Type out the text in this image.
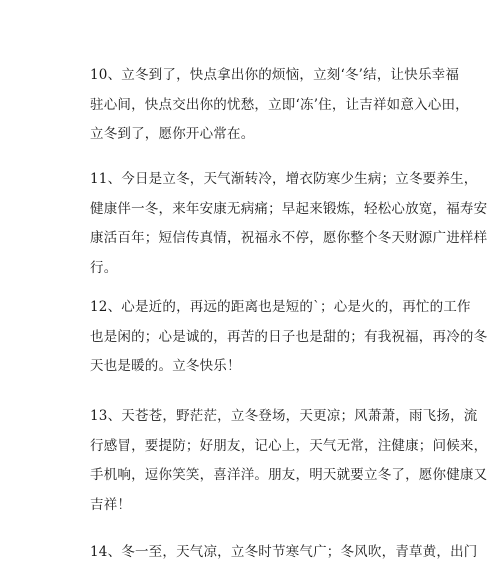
10、立冬到了，快点拿出你的烦恼，立刻‘冬’结，让快乐幸福
驻心间，快点交出你的忧愁，立即‘冻’住，让吉祥如意入心田，
立冬到了，愿你开心常在。

11、今日是立冬，天气渐转冷，增衣防寒少生病；立冬要养生，
健康伴一冬，来年安康无病痛；早起来锻炼，轻松心放宽，福寿安
康活百年；短信传真情，祝福永不停，愿你整个冬天财源广进样样
行。

12、心是近的，再远的距离也是短的`；心是火的，再忙的工作
也是闲的；心是诚的，再苦的日子也是甜的；有我祝福，再冷的冬
天也是暖的。立冬快乐！

13、天苍苍，野茫茫，立冬登场，天更凉；风萧萧，雨飞扬，流
行感冒，要提防；好朋友，记心上，天气无常，注健康；问候来，
手机响，逗你笑笑，喜洋洋。朋友，明天就要立冬了，愿你健康又
吉祥！

14、冬一至，天气凉，立冬时节寒气广；冬风吹，青草黄，出门
